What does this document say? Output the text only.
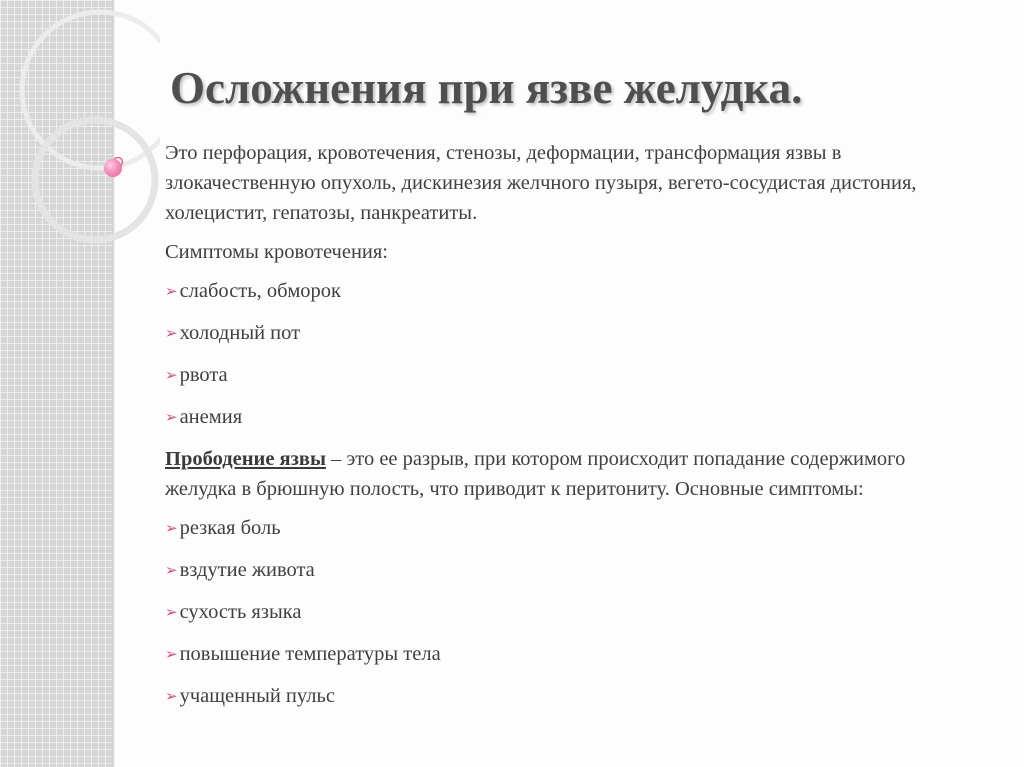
Осложнения при язве желудка.

Это перфорация, кровотечения, стенозы, деформации, трансформация язвы в злокачественную опухоль, дискинезия желчного пузыря, вегето-сосудистая дистония, холецистит, гепатозы, панкреатиты.

Симптомы кровотечения:

➢слабость, обморок

➢холодный пот

➢рвота

➢анемия

Прободение язвы – это ее разрыв, при котором происходит попадание содержимого желудка в брюшную полость, что приводит к перитониту. Основные симптомы:

➢резкая боль

➢вздутие живота

➢сухость языка

➢повышение температуры тела

➢учащенный пульс
